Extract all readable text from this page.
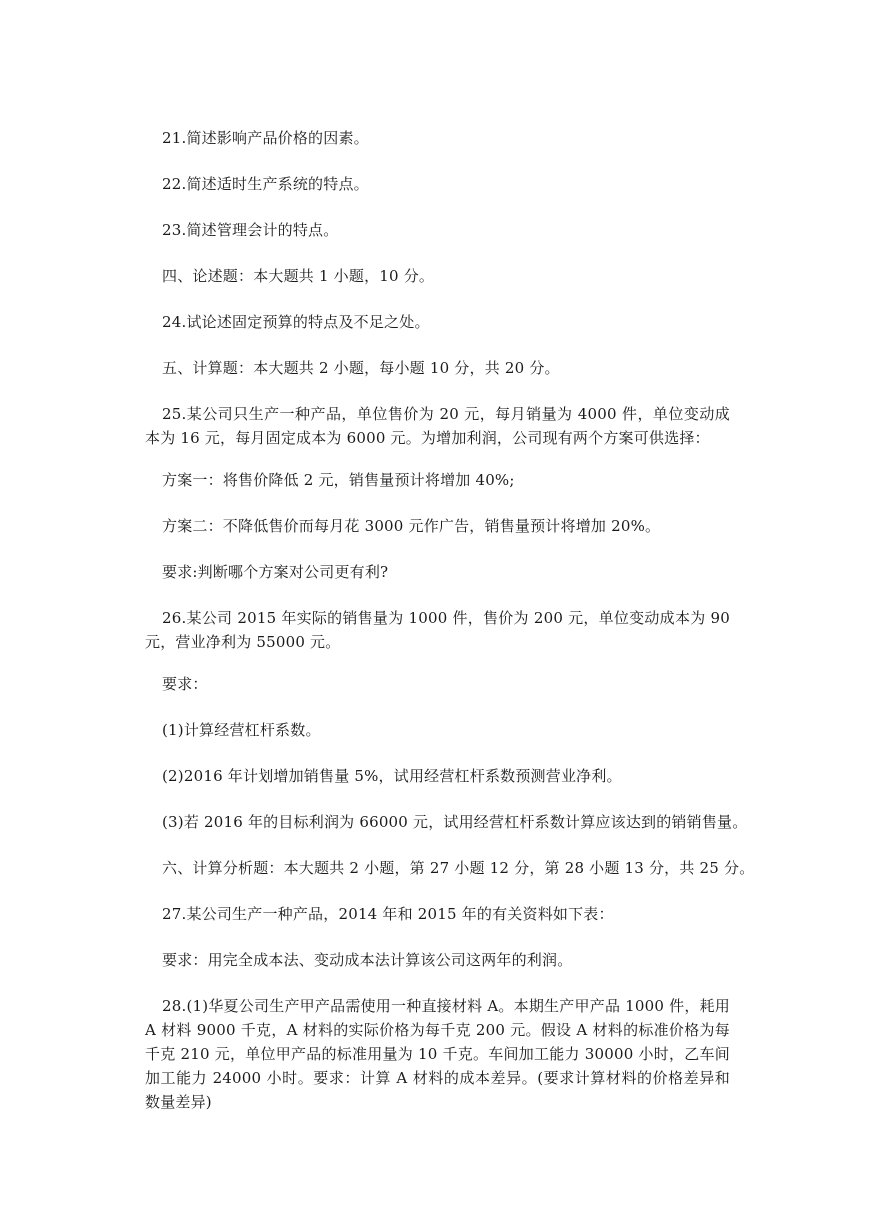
21.简述影响产品价格的因素。
22.简述适时生产系统的特点。
23.简述管理会计的特点。
四、论述题：本大题共 1 小题，10 分。
24.试论述固定预算的特点及不足之处。
五、计算题：本大题共 2 小题，每小题 10 分，共 20 分。
25.某公司只生产一种产品，单位售价为 20 元，每月销量为 4000 件，单位变动成本为 16 元，每月固定成本为 6000 元。为增加利润，公司现有两个方案可供选择：
方案一：将售价降低 2 元，销售量预计将增加 40%;
方案二：不降低售价而每月花 3000 元作广告，销售量预计将增加 20%。
要求:判断哪个方案对公司更有利?
26.某公司 2015 年实际的销售量为 1000 件，售价为 200 元，单位变动成本为 90 元，营业净利为 55000 元。
要求：
(1)计算经营杠杆系数。
(2)2016 年计划增加销售量 5%，试用经营杠杆系数预测营业净利。
(3)若 2016 年的目标利润为 66000 元，试用经营杠杆系数计算应该达到的销销售量。
六、计算分析题：本大题共 2 小题，第 27 小题 12 分，第 28 小题 13 分，共 25 分。
27.某公司生产一种产品，2014 年和 2015 年的有关资料如下表：
要求：用完全成本法、变动成本法计算该公司这两年的利润。
28.(1)华夏公司生产甲产品需使用一种直接材料 A。本期生产甲产品 1000 件，耗用 A 材料 9000 千克，A 材料的实际价格为每千克 200 元。假设 A 材料的标准价格为每千克 210 元，单位甲产品的标准用量为 10 千克。车间加工能力 30000 小时，乙车间加工能力 24000 小时。要求：计算 A 材料的成本差异。(要求计算材料的价格差异和数量差异)
